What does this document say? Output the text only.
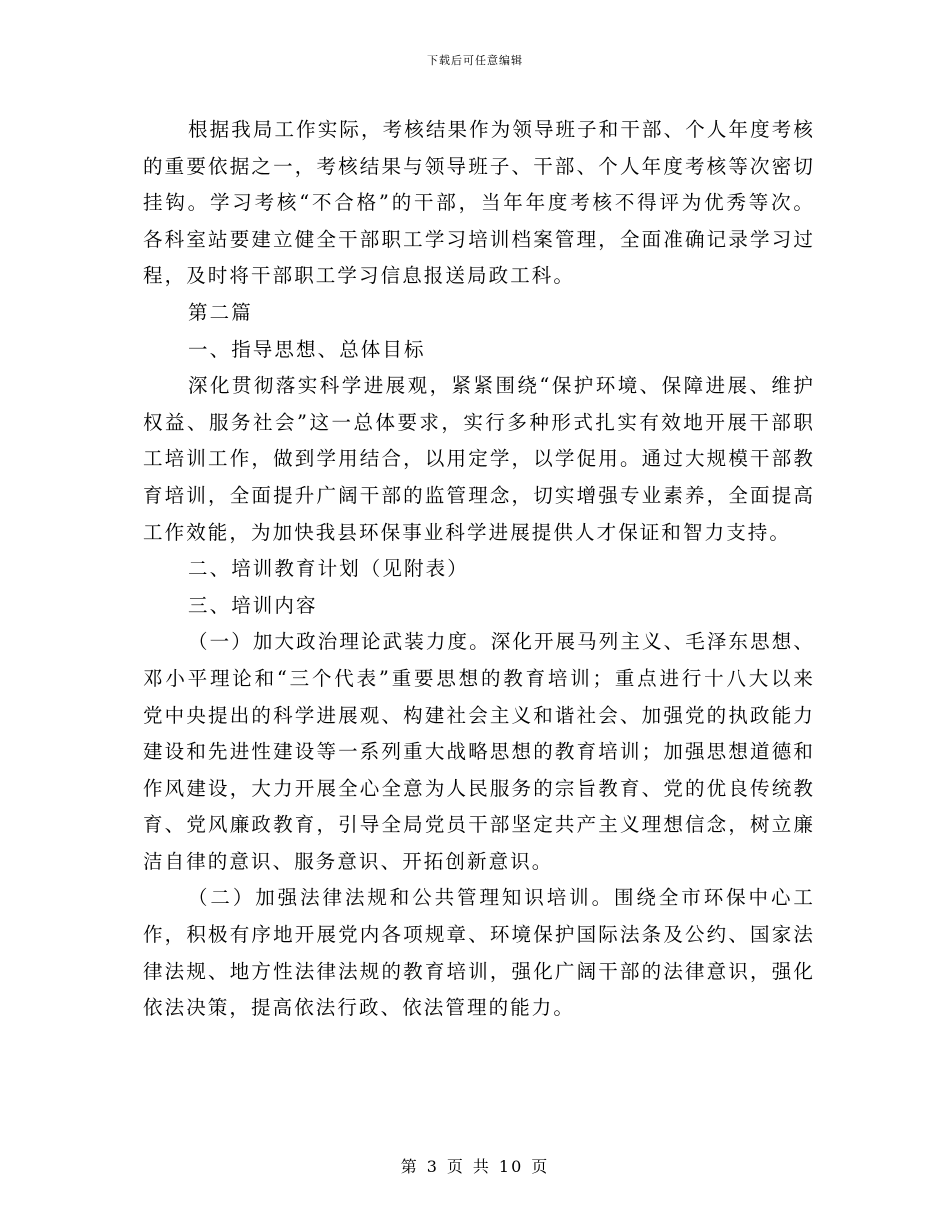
下载后可任意编辑

根据我局工作实际，考核结果作为领导班子和干部、个人年度考核的重要依据之一，考核结果与领导班子、干部、个人年度考核等次密切挂钩。学习考核“不合格”的干部，当年年度考核不得评为优秀等次。各科室站要建立健全干部职工学习培训档案管理，全面准确记录学习过程，及时将干部职工学习信息报送局政工科。

第二篇

一、指导思想、总体目标

深化贯彻落实科学进展观，紧紧围绕“保护环境、保障进展、维护权益、服务社会”这一总体要求，实行多种形式扎实有效地开展干部职工培训工作，做到学用结合，以用定学，以学促用。通过大规模干部教育培训，全面提升广阔干部的监管理念，切实增强专业素养，全面提高工作效能，为加快我县环保事业科学进展提供人才保证和智力支持。

二、培训教育计划（见附表）

三、培训内容

（一）加大政治理论武装力度。深化开展马列主义、毛泽东思想、邓小平理论和“三个代表”重要思想的教育培训；重点进行十八大以来党中央提出的科学进展观、构建社会主义和谐社会、加强党的执政能力建设和先进性建设等一系列重大战略思想的教育培训；加强思想道德和作风建设，大力开展全心全意为人民服务的宗旨教育、党的优良传统教育、党风廉政教育，引导全局党员干部坚定共产主义理想信念，树立廉洁自律的意识、服务意识、开拓创新意识。

（二）加强法律法规和公共管理知识培训。围绕全市环保中心工作，积极有序地开展党内各项规章、环境保护国际法条及公约、国家法律法规、地方性法律法规的教育培训，强化广阔干部的法律意识，强化依法决策，提高依法行政、依法管理的能力。

第 3 页 共 10 页
